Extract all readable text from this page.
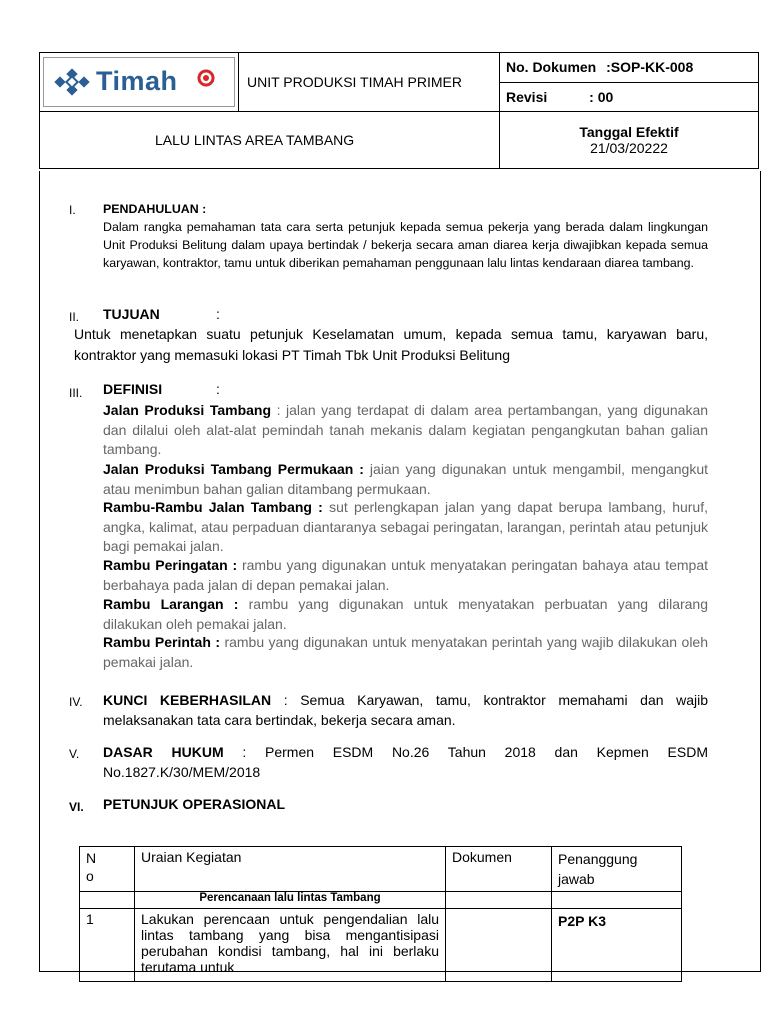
Timah	UNIT PRODUKSI TIMAH PRIMER	No. Dokumen :SOP-KK-008
		Revisi : 00

LALU LINTAS AREA TAMBANG		Tanggal Efektif
21/03/20222
I. PENDAHULUAN :
Dalam rangka pemahaman tata cara serta petunjuk kepada semua pekerja yang berada dalam lingkungan Unit Produksi Belitung dalam upaya bertindak / bekerja secara aman diarea kerja diwajibkan kepada semua karyawan, kontraktor, tamu untuk diberikan pemahaman penggunaan lalu lintas kendaraan diarea tambang.
II. TUJUAN	:
Untuk menetapkan suatu petunjuk Keselamatan umum, kepada semua tamu, karyawan baru, kontraktor yang memasuki lokasi PT Timah Tbk Unit Produksi Belitung
III. DEFINISI	:
Jalan Produksi Tambang : jalan yang terdapat di dalam area pertambangan, yang digunakan dan dilalui oleh alat-alat pemindah tanah mekanis dalam kegiatan pengangkutan bahan galian tambang.
Jalan Produksi Tambang Permukaan : jaian yang digunakan untuk mengambil, mengangkut atau menimbun bahan galian ditambang permukaan.
Rambu-Rambu Jalan Tambang : sut perlengkapan jalan yang dapat berupa lambang, huruf, angka, kalimat, atau perpaduan diantaranya sebagai peringatan, larangan, perintah atau petunjuk bagi pemakai jalan.
Rambu Peringatan : rambu yang digunakan untuk menyatakan peringatan bahaya atau tempat berbahaya pada jalan di depan pemakai jalan.
Rambu Larangan : rambu yang digunakan untuk menyatakan perbuatan yang dilarang dilakukan oleh pemakai jalan.
Rambu Perintah : rambu yang digunakan untuk menyatakan perintah yang wajib dilakukan oleh pemakai jalan.
IV. KUNCI KEBERHASILAN : Semua Karyawan, tamu, kontraktor memahami dan wajib melaksanakan tata cara bertindak, bekerja secara aman.
V. DASAR HUKUM : Permen ESDM No.26 Tahun 2018 dan Kepmen ESDM No.1827.K/30/MEM/2018
VI. PETUNJUK OPERASIONAL
N o	Uraian Kegiatan	Dokumen	Penanggung jawab
	Perencanaan lalu lintas Tambang		
1	Lakukan perencaan untuk pengendalian lalu lintas tambang yang bisa mengantisipasi perubahan kondisi tambang, hal ini berlaku terutama untuk		P2P K3
